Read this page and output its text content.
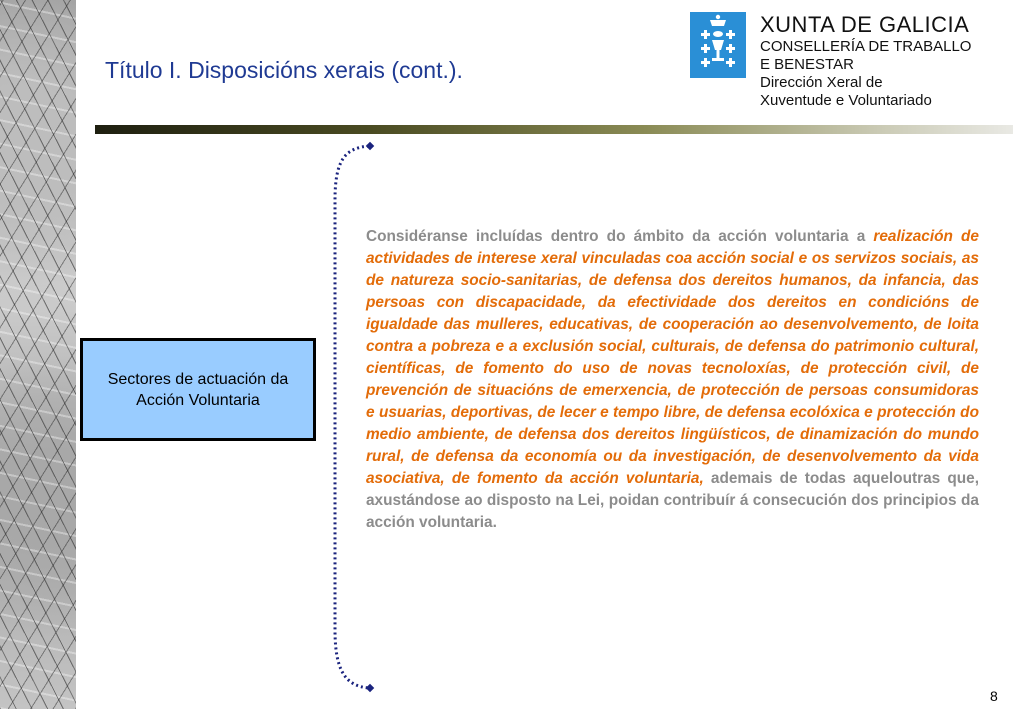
Título I. Disposicións xerais (cont.).
XUNTA DE GALICIA
CONSELLERÍA DE TRABALLO
E BENESTAR
Dirección Xeral de
Xuventude e Voluntariado
Sectores de actuación da Acción Voluntaria

Considéranse incluídas dentro do ámbito da acción voluntaria a realización de actividades de interese xeral vinculadas coa acción social e os servizos sociais, as de natureza socio-sanitarias, de defensa dos dereitos humanos, da infancia, das persoas con discapacidade, da efectividade dos dereitos en condicións de igualdade das mulleres, educativas, de cooperación ao desenvolvemento, de loita contra a pobreza e a exclusión social, culturais, de defensa do patrimonio cultural, científicas, de fomento do uso de novas tecnoloxías, de protección civil, de prevención de situacións de emerxencia, de protección de persoas consumidoras e usuarias, deportivas, de lecer e tempo libre, de defensa ecolóxica e protección do medio ambiente, de defensa dos dereitos lingüísticos, de dinamización do mundo rural, de defensa da economía ou da investigación, de desenvolvemento da vida asociativa, de fomento da acción voluntaria, ademais de todas aqueloutras que, axustándose ao disposto na Lei, poidan contribuír á consecución dos principios da acción voluntaria.

8
